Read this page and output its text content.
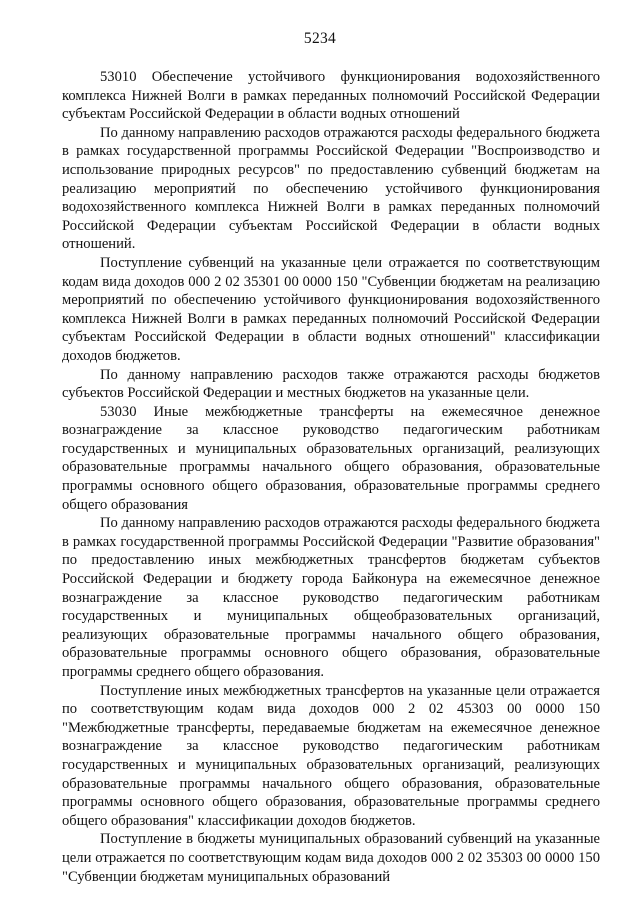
5234

53010 Обеспечение устойчивого функционирования водохозяйственного комплекса Нижней Волги в рамках переданных полномочий Российской Федерации субъектам Российской Федерации в области водных отношений

По данному направлению расходов отражаются расходы федерального бюджета в рамках государственной программы Российской Федерации "Воспроизводство и использование природных ресурсов" по предоставлению субвенций бюджетам на реализацию мероприятий по обеспечению устойчивого функционирования водохозяйственного комплекса Нижней Волги в рамках переданных полномочий Российской Федерации субъектам Российской Федерации в области водных отношений.

Поступление субвенций на указанные цели отражается по соответствующим кодам вида доходов 000 2 02 35301 00 0000 150 "Субвенции бюджетам на реализацию мероприятий по обеспечению устойчивого функционирования водохозяйственного комплекса Нижней Волги в рамках переданных полномочий Российской Федерации субъектам Российской Федерации в области водных отношений" классификации доходов бюджетов.

По данному направлению расходов также отражаются расходы бюджетов субъектов Российской Федерации и местных бюджетов на указанные цели.

53030 Иные межбюджетные трансферты на ежемесячное денежное вознаграждение за классное руководство педагогическим работникам государственных и муниципальных образовательных организаций, реализующих образовательные программы начального общего образования, образовательные программы основного общего образования, образовательные программы среднего общего образования

По данному направлению расходов отражаются расходы федерального бюджета в рамках государственной программы Российской Федерации "Развитие образования" по предоставлению иных межбюджетных трансфертов бюджетам субъектов Российской Федерации и бюджету города Байконура на ежемесячное денежное вознаграждение за классное руководство педагогическим работникам государственных и муниципальных общеобразовательных организаций, реализующих образовательные программы начального общего образования, образовательные программы основного общего образования, образовательные программы среднего общего образования.

Поступление иных межбюджетных трансфертов на указанные цели отражается по соответствующим кодам вида доходов 000 2 02 45303 00 0000 150 "Межбюджетные трансферты, передаваемые бюджетам на ежемесячное денежное вознаграждение за классное руководство педагогическим работникам государственных и муниципальных образовательных организаций, реализующих образовательные программы начального общего образования, образовательные программы основного общего образования, образовательные программы среднего общего образования" классификации доходов бюджетов.

Поступление в бюджеты муниципальных образований субвенций на указанные цели отражается по соответствующим кодам вида доходов 000 2 02 35303 00 0000 150 "Субвенции бюджетам муниципальных образований
